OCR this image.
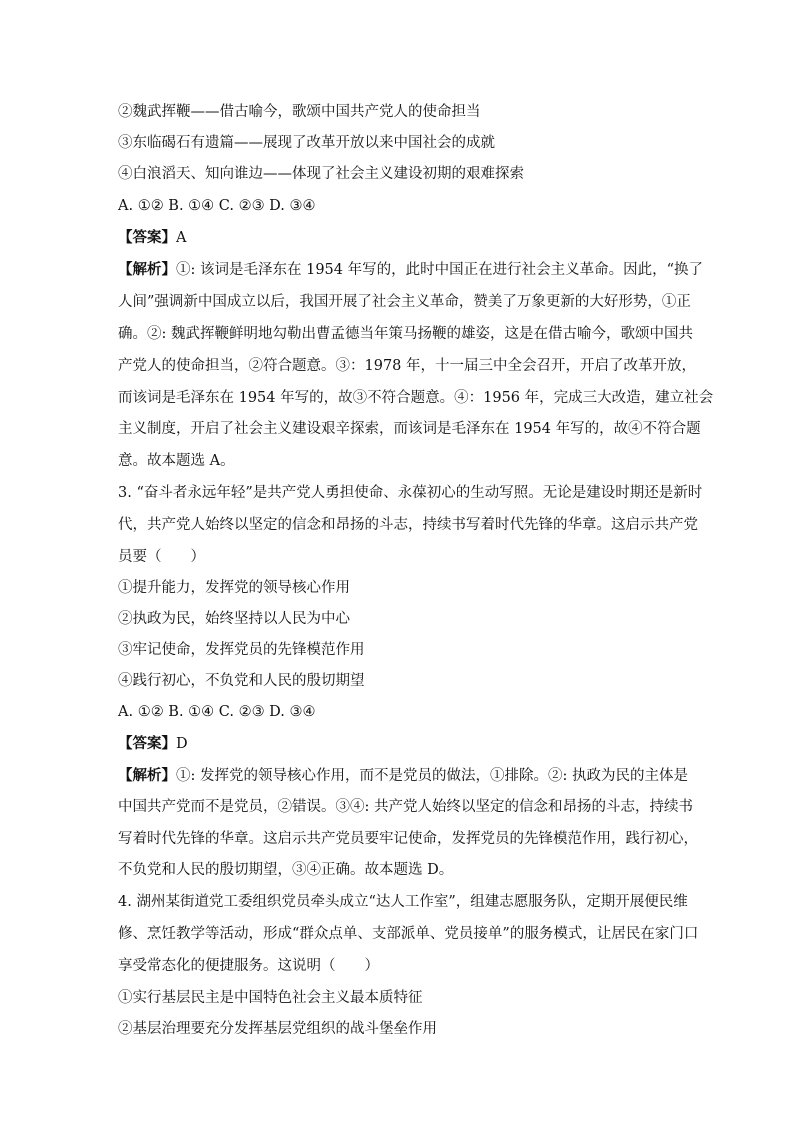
②魏武挥鞭——借古喻今，歌颂中国共产党人的使命担当
③东临碣石有遗篇——展现了改革开放以来中国社会的成就
④白浪滔天、知向谁边——体现了社会主义建设初期的艰难探索
A. ①② B. ①④ C. ②③ D. ③④
【答案】A
【解析】①: 该词是毛泽东在 1954 年写的，此时中国正在进行社会主义革命。因此，“换了
人间”强调新中国成立以后，我国开展了社会主义革命，赞美了万象更新的大好形势，①正
确。②: 魏武挥鞭鲜明地勾勒出曹孟德当年策马扬鞭的雄姿，这是在借古喻今，歌颂中国共
产党人的使命担当，②符合题意。③：1978 年，十一届三中全会召开，开启了改革开放，
而该词是毛泽东在 1954 年写的，故③不符合题意。④：1956 年，完成三大改造，建立社会
主义制度，开启了社会主义建设艰辛探索，而该词是毛泽东在 1954 年写的，故④不符合题
意。故本题选 A。
3. “奋斗者永远年轻”是共产党人勇担使命、永葆初心的生动写照。无论是建设时期还是新时
代，共产党人始终以坚定的信念和昂扬的斗志，持续书写着时代先锋的华章。这启示共产党
员要（　　）
①提升能力，发挥党的领导核心作用
②执政为民，始终坚持以人民为中心
③牢记使命，发挥党员的先锋模范作用
④践行初心，不负党和人民的殷切期望
A. ①② B. ①④ C. ②③ D. ③④
【答案】D
【解析】①: 发挥党的领导核心作用，而不是党员的做法，①排除。②: 执政为民的主体是
中国共产党而不是党员，②错误。③④: 共产党人始终以坚定的信念和昂扬的斗志，持续书
写着时代先锋的华章。这启示共产党员要牢记使命，发挥党员的先锋模范作用，践行初心，
不负党和人民的殷切期望，③④正确。故本题选 D。
4. 湖州某街道党工委组织党员牵头成立“达人工作室”，组建志愿服务队，定期开展便民维
修、烹饪教学等活动，形成“群众点单、支部派单、党员接单”的服务模式，让居民在家门口
享受常态化的便捷服务。这说明（　　）
①实行基层民主是中国特色社会主义最本质特征
②基层治理要充分发挥基层党组织的战斗堡垒作用
